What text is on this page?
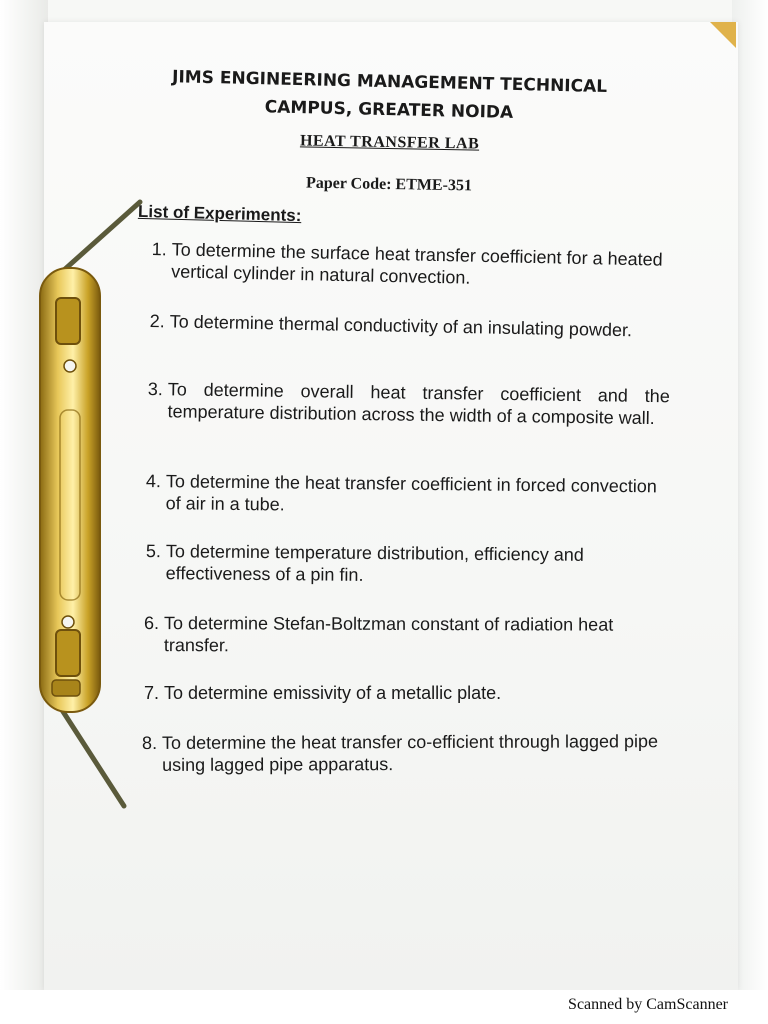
JIMS ENGINEERING MANAGEMENT TECHNICAL
CAMPUS, GREATER NOIDA
HEAT TRANSFER LAB
Paper Code: ETME-351
List of Experiments:
1. To determine the surface heat transfer coefficient for a heated vertical cylinder in natural convection.
2. To determine thermal conductivity of an insulating powder.
3. To determine overall heat transfer coefficient and the temperature distribution across the width of a composite wall.
4. To determine the heat transfer coefficient in forced convection of air in a tube.
5. To determine temperature distribution, efficiency and effectiveness of a pin fin.
6. To determine Stefan-Boltzman constant of radiation heat transfer.
7. To determine emissivity of a metallic plate.
8. To determine the heat transfer co-efficient through lagged pipe using lagged pipe apparatus.
Scanned by CamScanner
